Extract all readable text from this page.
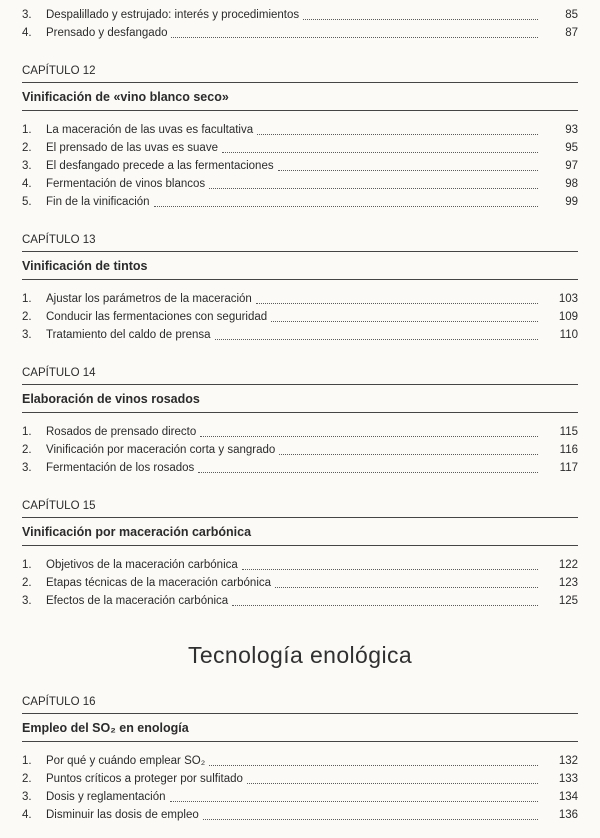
3.	Despalillado y estrujado: interés y procedimientos	85
4.	Prensado y desfangado	87
CAPÍTULO 12
Vinificación de «vino blanco seco»
1.	La maceración de las uvas es facultativa	93
2.	El prensado de las uvas es suave	95
3.	El desfangado precede a las fermentaciones	97
4.	Fermentación de vinos blancos	98
5.	Fin de la vinificación	99
CAPÍTULO 13
Vinificación de tintos
1.	Ajustar los parámetros de la maceración	103
2.	Conducir las fermentaciones con seguridad	109
3.	Tratamiento del caldo de prensa	110
CAPÍTULO 14
Elaboración de vinos rosados
1.	Rosados de prensado directo	115
2.	Vinificación por maceración corta y sangrado	116
3.	Fermentación de los rosados	117
CAPÍTULO 15
Vinificación por maceración carbónica
1.	Objetivos de la maceración carbónica	122
2.	Etapas técnicas de la maceración carbónica	123
3.	Efectos de la maceración carbónica	125
Tecnología enológica
CAPÍTULO 16
Empleo del SO₂ en enología
1.	Por qué y cuándo emplear SO₂	132
2.	Puntos críticos a proteger por sulfitado	133
3.	Dosis y reglamentación	134
4.	Disminuir las dosis de empleo	136
